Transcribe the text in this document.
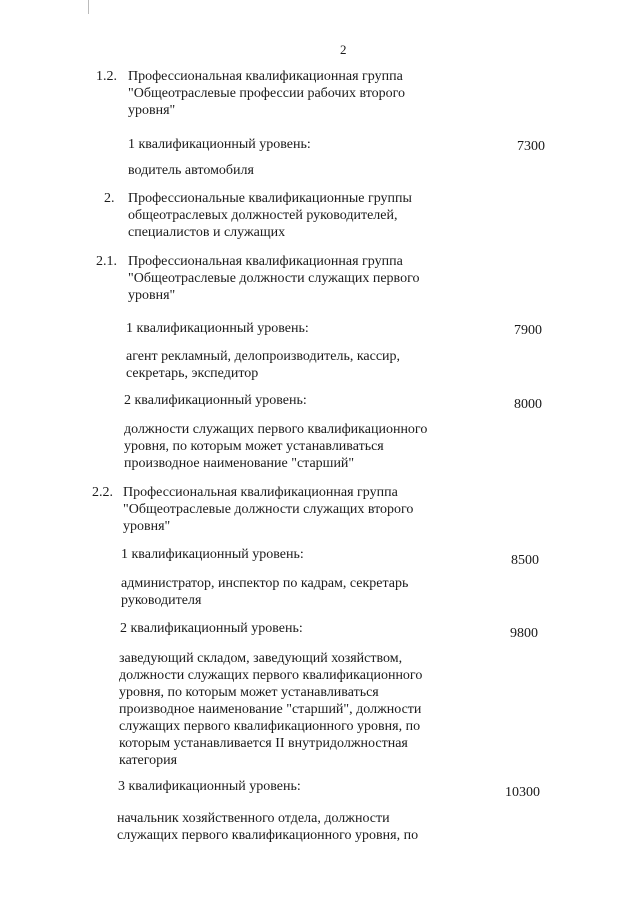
2
1.2. Профессиональная квалификационная группа
"Общеотраслевые профессии рабочих второго
уровня"
1 квалификационный уровень:	7300
водитель автомобиля
2. Профессиональные квалификационные группы
общеотраслевых должностей руководителей,
специалистов и служащих
2.1. Профессиональная квалификационная группа
"Общеотраслевые должности служащих первого
уровня"
1 квалификационный уровень:	7900
агент рекламный, делопроизводитель, кассир,
секретарь, экспедитор
2 квалификационный уровень:	8000
должности служащих первого квалификационного
уровня, по которым может устанавливаться
производное наименование "старший"
2.2. Профессиональная квалификационная группа
"Общеотраслевые должности служащих второго
уровня"
1 квалификационный уровень:	8500
администратор, инспектор по кадрам, секретарь
руководителя
2 квалификационный уровень:	9800
заведующий складом, заведующий хозяйством,
должности служащих первого квалификационного
уровня, по которым может устанавливаться
производное наименование "старший", должности
служащих первого квалификационного уровня, по
которым устанавливается II внутридолжностная
категория
3 квалификационный уровень:	10300
начальник хозяйственного отдела, должности
служащих первого квалификационного уровня, по
